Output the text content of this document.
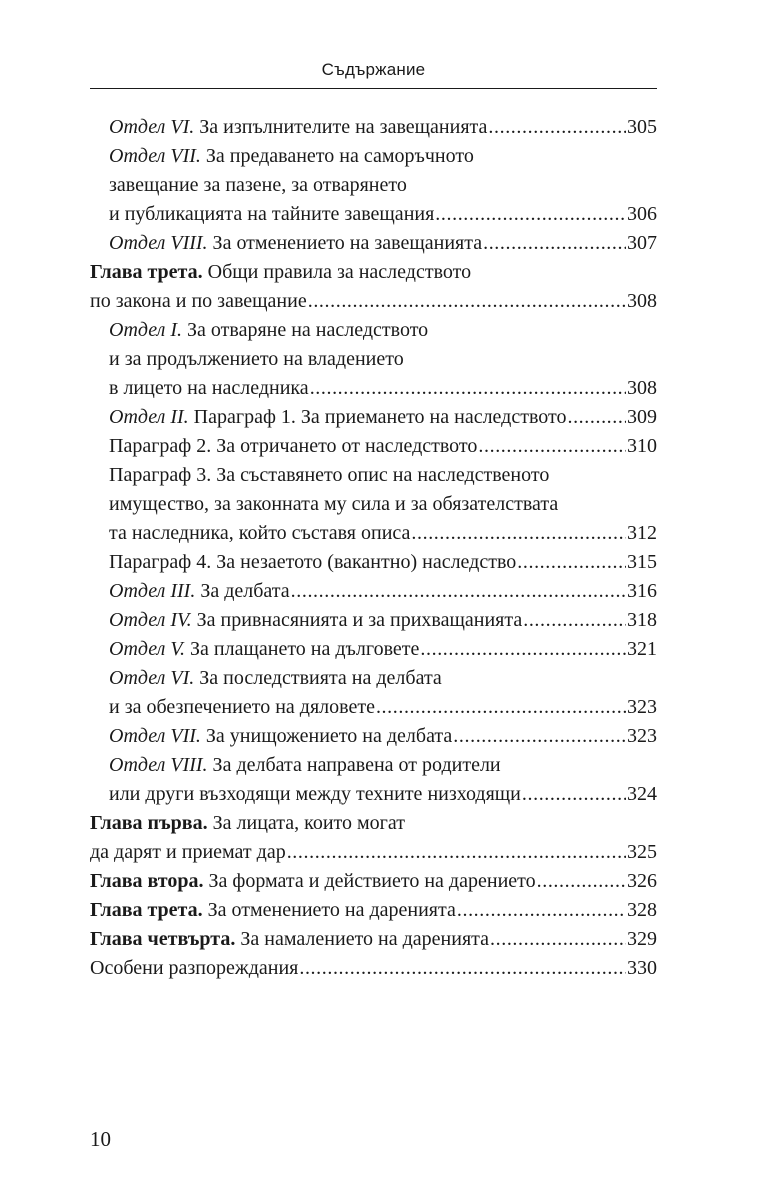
Съдържание
Отдел VI. За изпълнителите на завещанията .....	305
Отдел VII. За предаването на саморъчното
завещание за пазене, за отварянето
и публикацията на тайните завещания .....	306
Отдел VIII. За отменението на завещанията .....	307
Глава трета. Общи правила за наследството
по закона и по завещание .....	308
Отдел I. За отваряне на наследството
и за продължението на владението
в лицето на наследника .....	308
Отдел II. Параграф 1. За приемането на наследството .....	309
Параграф 2. За отричането от наследството .....	310
Параграф 3. За съставянето опис на наследственото
имущество, за законната му сила и за обязателствата
та наследника, който съставя описа .....	312
Параграф 4. За незаетото (вакантно) наследство .....	315
Отдел III. За делбата .....	316
Отдел IV. За привнасянията и за прихващанията .....	318
Отдел V. За плащането на дълговете .....	321
Отдел VI. За последствията на делбата
и за обезпечението на дяловете .....	323
Отдел VII. За унищожението на делбата .....	323
Отдел VIII. За делбата направена от родители
или други възходящи между техните низходящи .....	324
Глава първа. За лицата, които могат
да дарят и приемат дар .....	325
Глава втора. За формата и действието на дарението .....	326
Глава трета. За отменението на даренията .....	328
Глава четвърта. За намалението на даренията .....	329
Особени разпореждания .....	330
10
